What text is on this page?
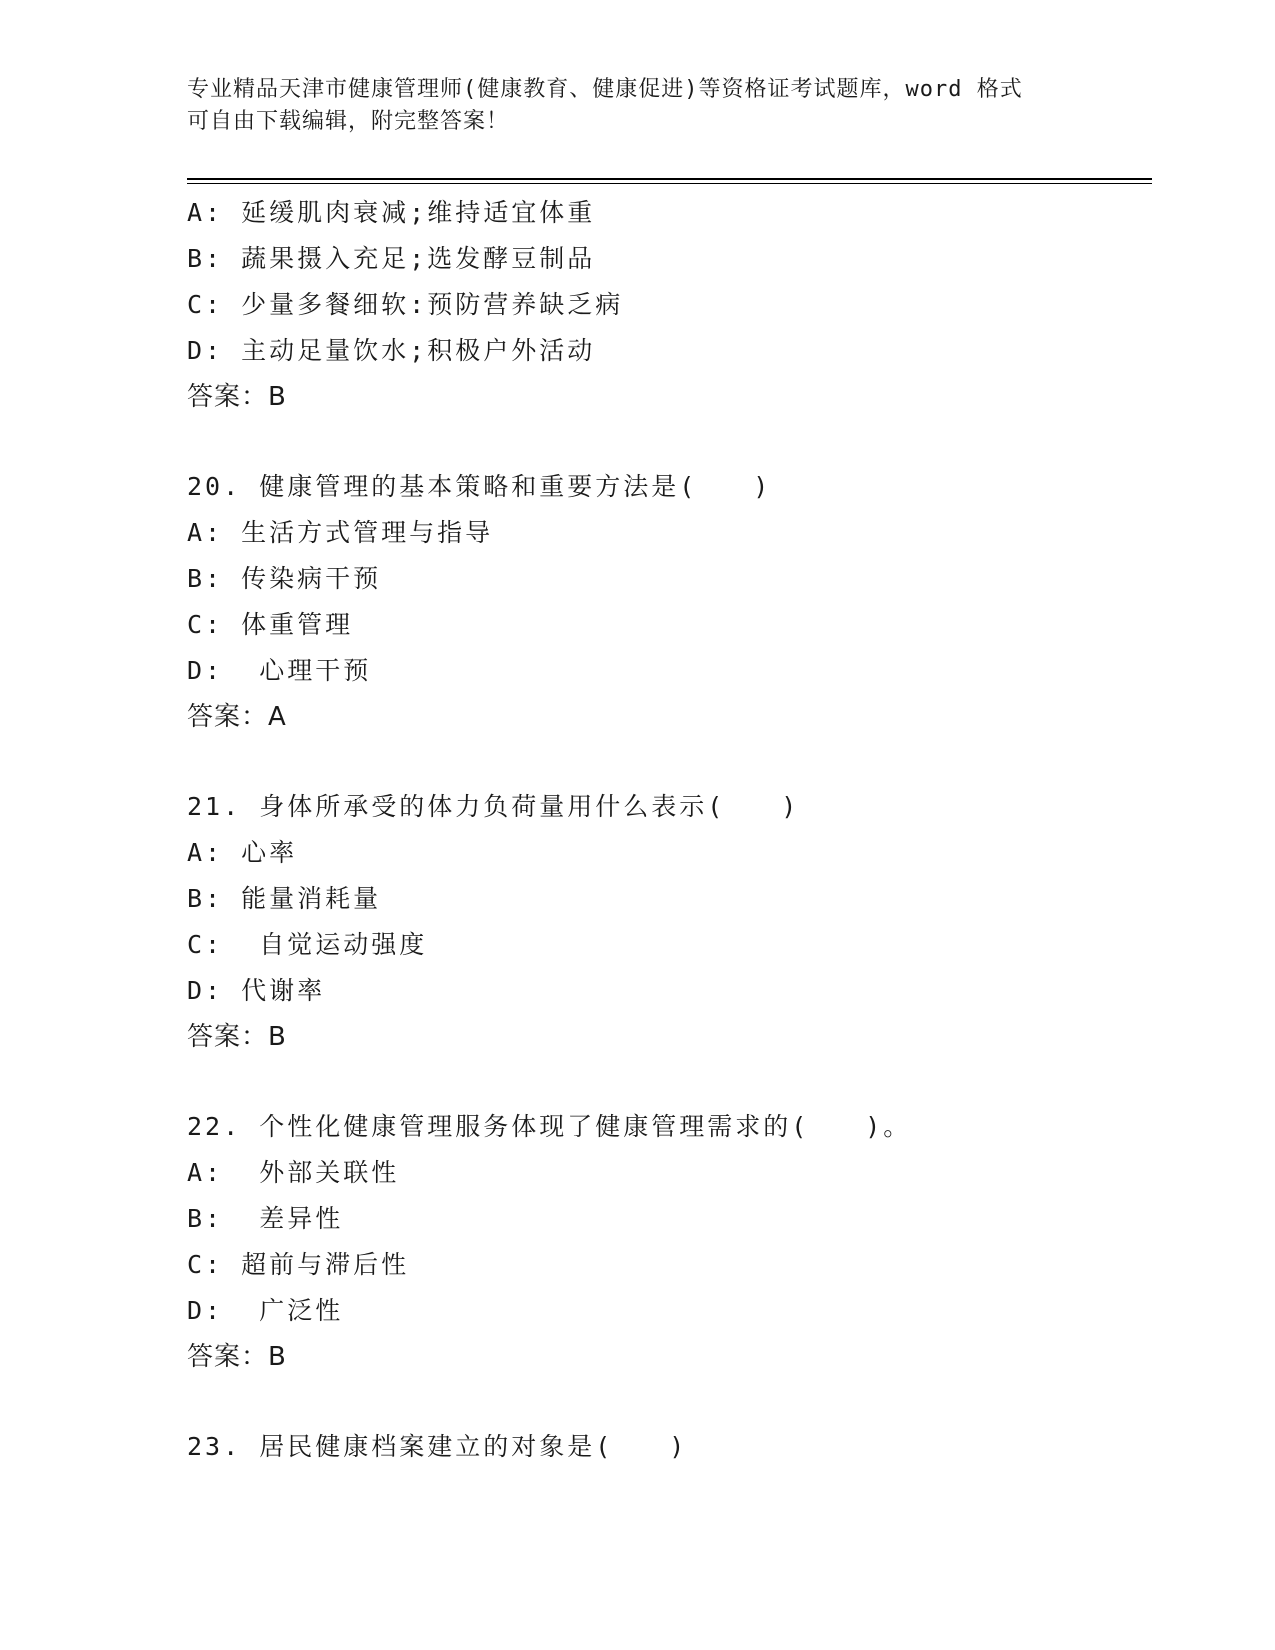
专业精品天津市健康管理师(健康教育、健康促进)等资格证考试题库，word 格式
可自由下载编辑，附完整答案！
A: 延缓肌肉衰减;维持适宜体重
B: 蔬果摄入充足;选发酵豆制品
C: 少量多餐细软:预防营养缺乏病
D: 主动足量饮水;积极户外活动
答案：B
20. 健康管理的基本策略和重要方法是(　　)
A: 生活方式管理与指导
B: 传染病干预
C: 体重管理
D:  心理干预
答案：A
21. 身体所承受的体力负荷量用什么表示(　　)
A: 心率
B: 能量消耗量
C:  自觉运动强度
D: 代谢率
答案：B
22. 个性化健康管理服务体现了健康管理需求的(　　)。
A:  外部关联性
B:  差异性
C: 超前与滞后性
D:  广泛性
答案：B
23. 居民健康档案建立的对象是(　　)
